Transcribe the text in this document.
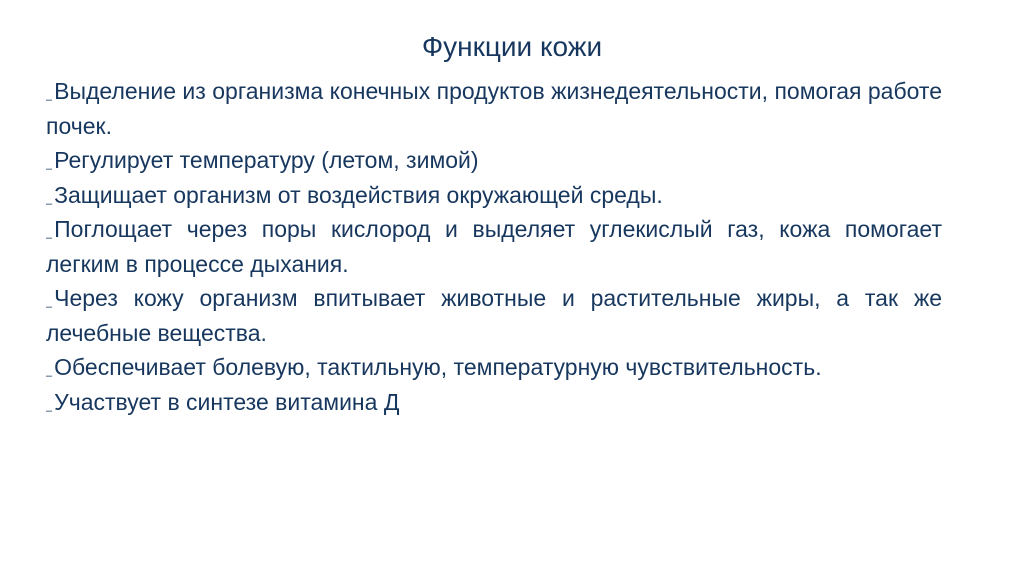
Функции кожи
–Выделение из организма конечных продуктов жизнедеятельности, помогая работе почек.
–Регулирует температуру (летом, зимой)
–Защищает организм от воздействия окружающей среды.
–Поглощает через поры кислород и выделяет углекислый газ, кожа помогает легким в процессе дыхания.
–Через кожу организм впитывает животные и растительные жиры, а так же лечебные вещества.
–Обеспечивает болевую, тактильную, температурную чувствительность.
–Участвует в синтезе витамина Д
